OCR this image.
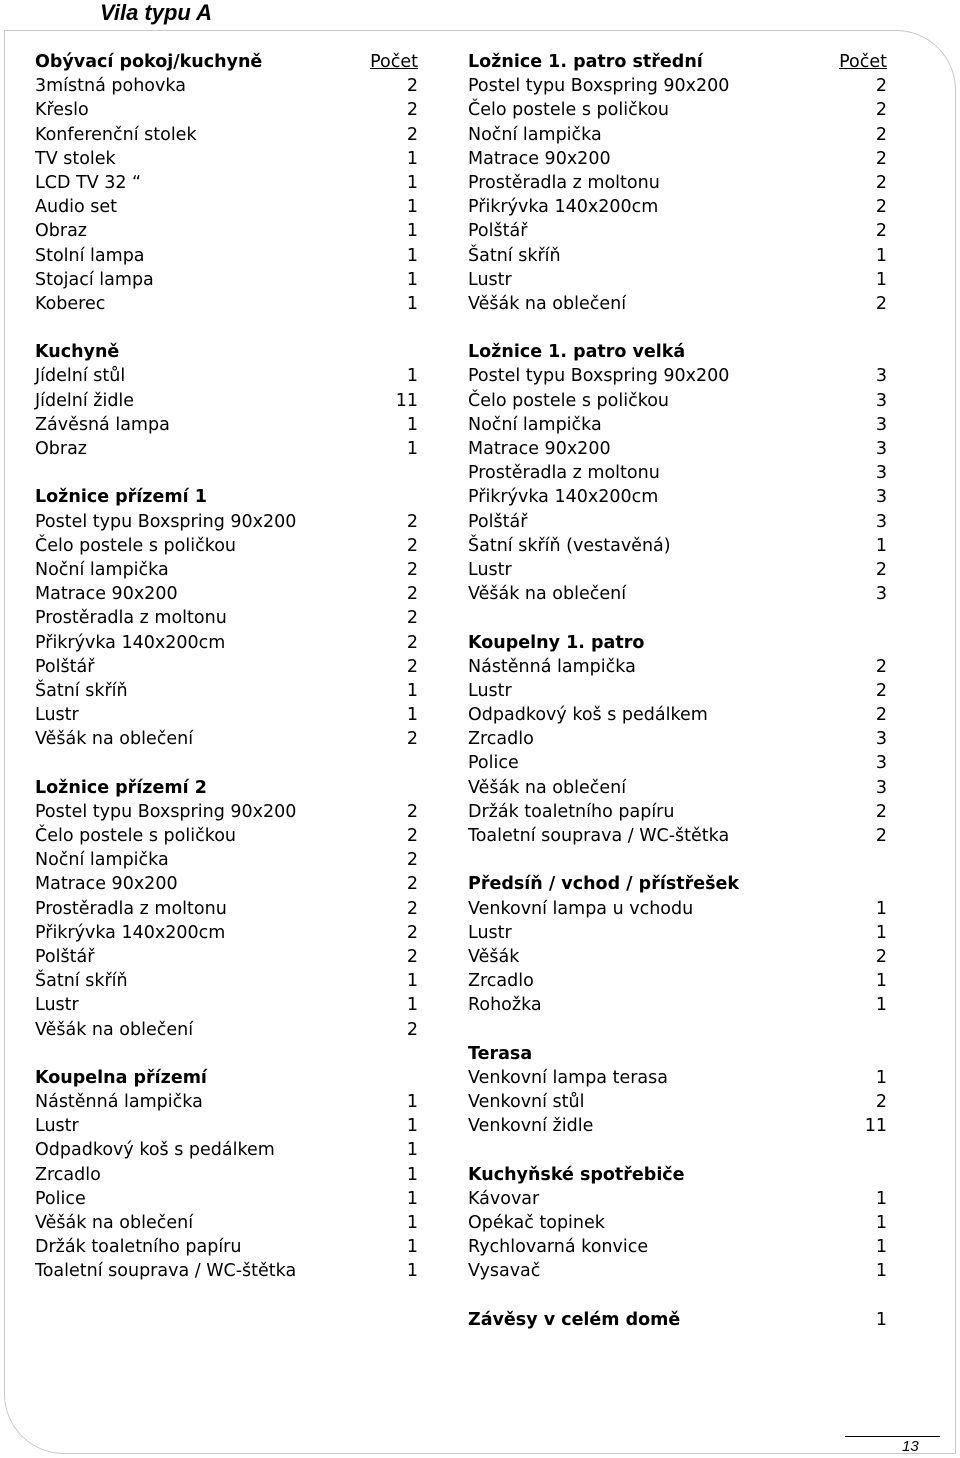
Vila typu A
Obývací pokoj/kuchyně	Počet
3místná pohovka	2
Křeslo	2
Konferenční stolek	2
TV stolek	1
LCD TV 32 “	1
Audio set	1
Obraz	1
Stolní lampa	1
Stojací lampa	1
Koberec	1
Kuchyně
Jídelní stůl	1
Jídelní židle	11
Závěsná lampa	1
Obraz	1
Ložnice přízemí 1
Postel typu Boxspring 90x200	2
Čelo postele s poličkou	2
Noční lampička	2
Matrace 90x200	2
Prostěradla z moltonu	2
Přikrývka 140x200cm	2
Polštář	2
Šatní skříň	1
Lustr	1
Věšák na oblečení	2
Ložnice přízemí 2
Postel typu Boxspring 90x200	2
Čelo postele s poličkou	2
Noční lampička	2
Matrace 90x200	2
Prostěradla z moltonu	2
Přikrývka 140x200cm	2
Polštář	2
Šatní skříň	1
Lustr	1
Věšák na oblečení	2
Koupelna přízemí
Nástěnná lampička	1
Lustr	1
Odpadkový koš s pedálkem	1
Zrcadlo	1
Police	1
Věšák na oblečení	1
Držák toaletního papíru	1
Toaletní souprava / WC-štětka	1
Ložnice 1. patro střední	Počet
Postel typu Boxspring 90x200	2
Čelo postele s poličkou	2
Noční lampička	2
Matrace 90x200	2
Prostěradla z moltonu	2
Přikrývka 140x200cm	2
Polštář	2
Šatní skříň	1
Lustr	1
Věšák na oblečení	2
Ložnice 1. patro velká
Postel typu Boxspring 90x200	3
Čelo postele s poličkou	3
Noční lampička	3
Matrace 90x200	3
Prostěradla z moltonu	3
Přikrývka 140x200cm	3
Polštář	3
Šatní skříň (vestavěná)	1
Lustr	2
Věšák na oblečení	3
Koupelny 1. patro
Nástěnná lampička	2
Lustr	2
Odpadkový koš s pedálkem	2
Zrcadlo	3
Police	3
Věšák na oblečení	3
Držák toaletního papíru	2
Toaletní souprava / WC-štětka	2
Předsíň / vchod / přístřešek
Venkovní lampa u vchodu	1
Lustr	1
Věšák	2
Zrcadlo	1
Rohožka	1
Terasa
Venkovní lampa terasa	1
Venkovní stůl	2
Venkovní židle	11
Kuchyňské spotřebiče
Kávovar	1
Opékač topinek	1
Rychlovarná konvice	1
Vysavač	1
Závěsy v celém domě	1
13
